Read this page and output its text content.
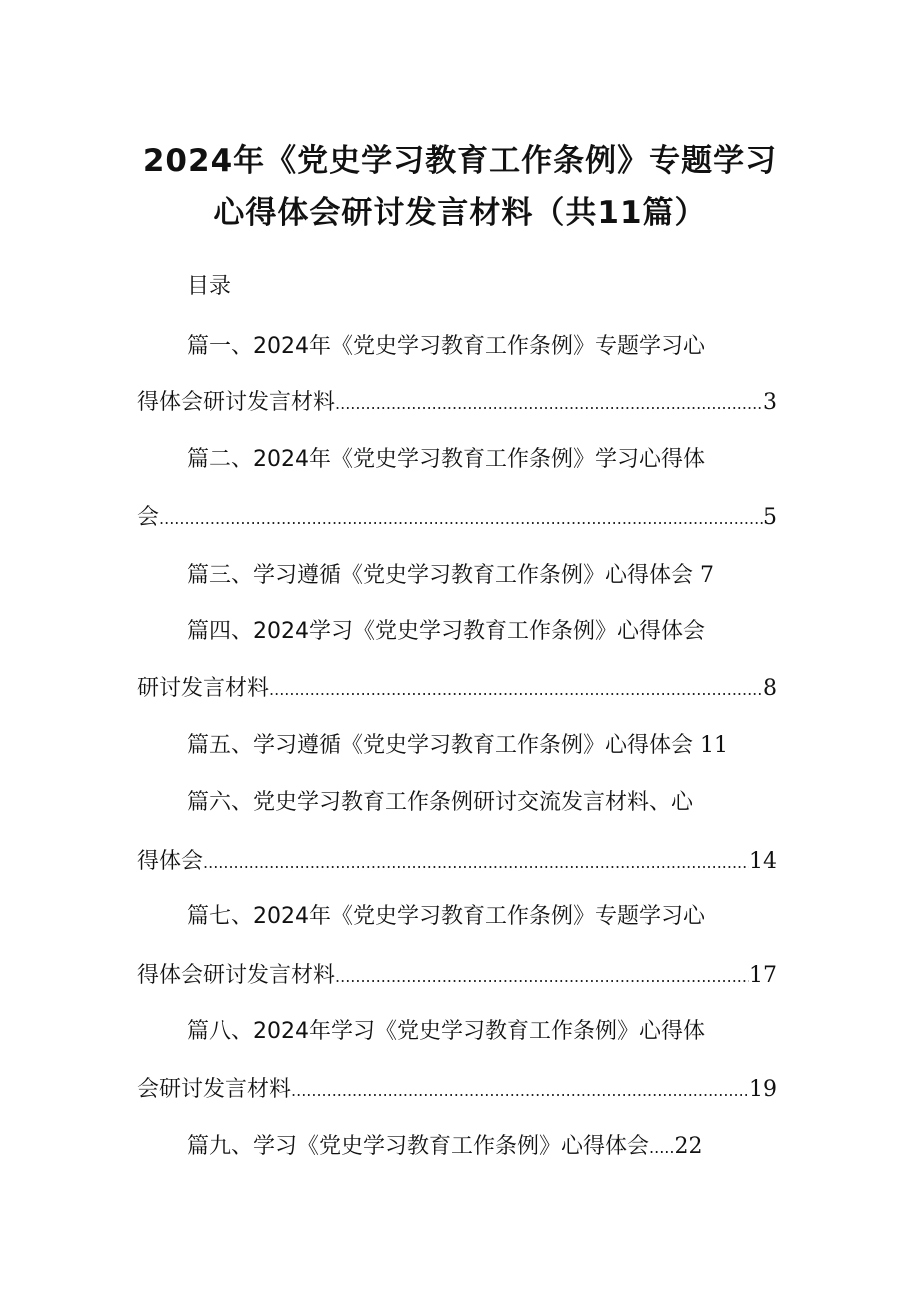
2024年《党史学习教育工作条例》专题学习
心得体会研讨发言材料（共11篇）
目录
篇一、2024年《党史学习教育工作条例》专题学习心
得体会研讨发言材料 .....	3
篇二、2024年《党史学习教育工作条例》学习心得体
会 .....	5
篇三、学习遵循《党史学习教育工作条例》心得体会 7
篇四、2024学习《党史学习教育工作条例》心得体会
研讨发言材料 .....	8
篇五、学习遵循《党史学习教育工作条例》心得体会 11
篇六、党史学习教育工作条例研讨交流发言材料、心
得体会 .....	14
篇七、2024年《党史学习教育工作条例》专题学习心
得体会研讨发言材料 .....	17
篇八、2024年学习《党史学习教育工作条例》心得体
会研讨发言材料 .....	19
篇九、学习《党史学习教育工作条例》心得体会.....22
